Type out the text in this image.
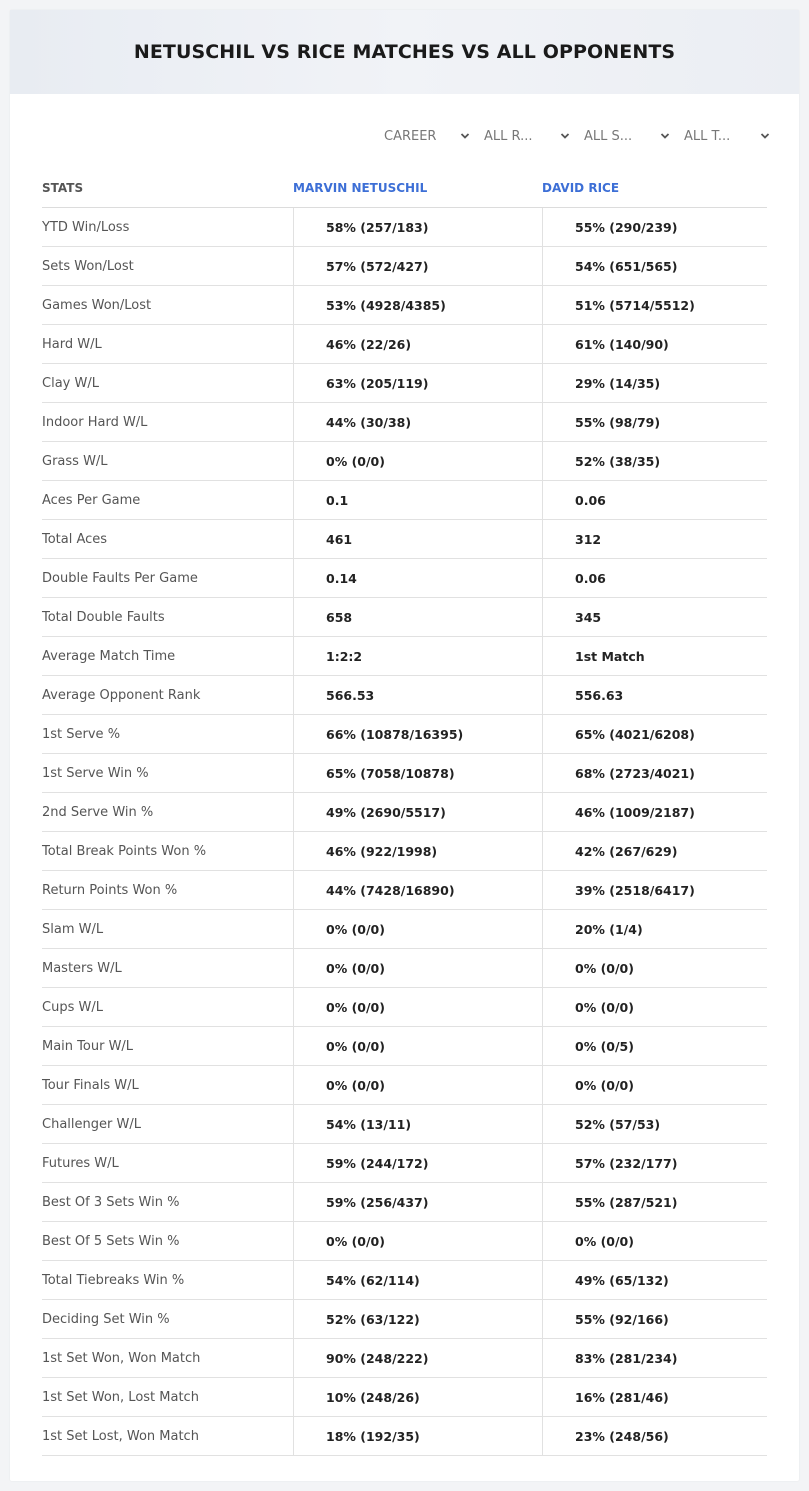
NETUSCHIL VS RICE MATCHES VS ALL OPPONENTS
CAREER	ALL R...	ALL S...	ALL T...
STATS	MARVIN NETUSCHIL	DAVID RICE
YTD Win/Loss	58% (257/183)	55% (290/239)
Sets Won/Lost	57% (572/427)	54% (651/565)
Games Won/Lost	53% (4928/4385)	51% (5714/5512)
Hard W/L	46% (22/26)	61% (140/90)
Clay W/L	63% (205/119)	29% (14/35)
Indoor Hard W/L	44% (30/38)	55% (98/79)
Grass W/L	0% (0/0)	52% (38/35)
Aces Per Game	0.1	0.06
Total Aces	461	312
Double Faults Per Game	0.14	0.06
Total Double Faults	658	345
Average Match Time	1:2:2	1st Match
Average Opponent Rank	566.53	556.63
1st Serve %	66% (10878/16395)	65% (4021/6208)
1st Serve Win %	65% (7058/10878)	68% (2723/4021)
2nd Serve Win %	49% (2690/5517)	46% (1009/2187)
Total Break Points Won %	46% (922/1998)	42% (267/629)
Return Points Won %	44% (7428/16890)	39% (2518/6417)
Slam W/L	0% (0/0)	20% (1/4)
Masters W/L	0% (0/0)	0% (0/0)
Cups W/L	0% (0/0)	0% (0/0)
Main Tour W/L	0% (0/0)	0% (0/5)
Tour Finals W/L	0% (0/0)	0% (0/0)
Challenger W/L	54% (13/11)	52% (57/53)
Futures W/L	59% (244/172)	57% (232/177)
Best Of 3 Sets Win %	59% (256/437)	55% (287/521)
Best Of 5 Sets Win %	0% (0/0)	0% (0/0)
Total Tiebreaks Win %	54% (62/114)	49% (65/132)
Deciding Set Win %	52% (63/122)	55% (92/166)
1st Set Won, Won Match	90% (248/222)	83% (281/234)
1st Set Won, Lost Match	10% (248/26)	16% (281/46)
1st Set Lost, Won Match	18% (192/35)	23% (248/56)
